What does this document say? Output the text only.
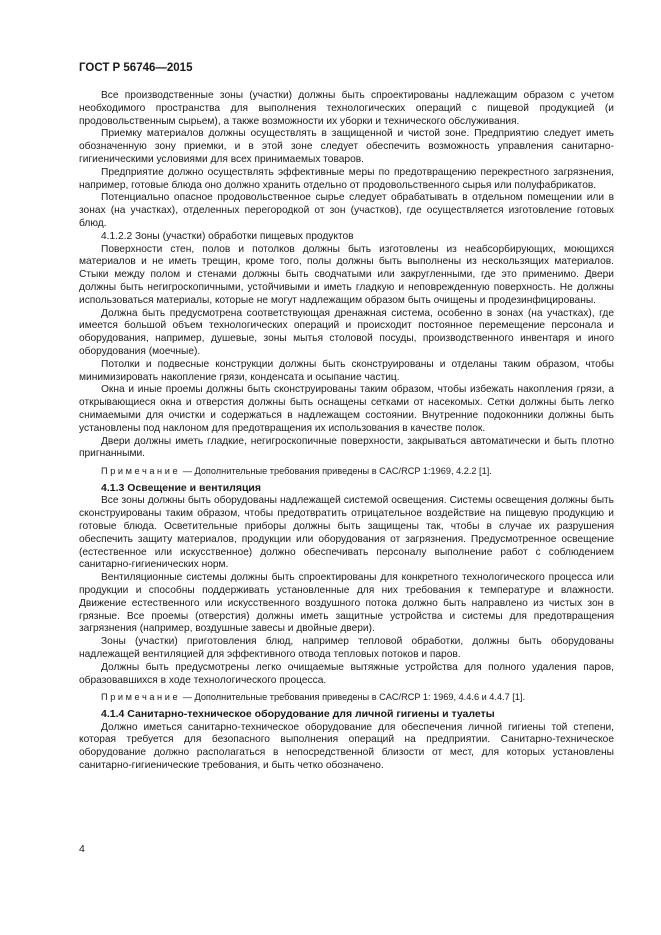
ГОСТ Р 56746—2015

Все производственные зоны (участки) должны быть спроектированы надлежащим образом с учетом необходимого пространства для выполнения технологических операций с пищевой продукцией (и продовольственным сырьем), а также возможности их уборки и технического обслуживания.

Приемку материалов должны осуществлять в защищенной и чистой зоне. Предприятию следует иметь обозначенную зону приемки, и в этой зоне следует обеспечить возможность управления санитарно-гигиеническими условиями для всех принимаемых товаров.

Предприятие должно осуществлять эффективные меры по предотвращению перекрестного загрязнения, например, готовые блюда оно должно хранить отдельно от продовольственного сырья или полуфабрикатов.

Потенциально опасное продовольственное сырье следует обрабатывать в отдельном помещении или в зонах (на участках), отделенных перегородкой от зон (участков), где осуществляется изготовление готовых блюд.

4.1.2.2 Зоны (участки) обработки пищевых продуктов

Поверхности стен, полов и потолков должны быть изготовлены из неабсорбирующих, моющихся материалов и не иметь трещин, кроме того, полы должны быть выполнены из нескользящих материалов. Стыки между полом и стенами должны быть сводчатыми или закругленными, где это применимо. Двери должны быть негигроскопичными, устойчивыми и иметь гладкую и неповрежденную поверхность. Не должны использоваться материалы, которые не могут надлежащим образом быть очищены и продезинфицированы.

Должна быть предусмотрена соответствующая дренажная система, особенно в зонах (на участках), где имеется большой объем технологических операций и происходит постоянное перемещение персонала и оборудования, например, душевые, зоны мытья столовой посуды, производственного инвентаря и иного оборудования (моечные).

Потолки и подвесные конструкции должны быть сконструированы и отделаны таким образом, чтобы минимизировать накопление грязи, конденсата и осыпание частиц.

Окна и иные проемы должны быть сконструированы таким образом, чтобы избежать накопления грязи, а открывающиеся окна и отверстия должны быть оснащены сетками от насекомых. Сетки должны быть легко снимаемыми для очистки и содержаться в надлежащем состоянии. Внутренние подоконники должны быть установлены под наклоном для предотвращения их использования в качестве полок.

Двери должны иметь гладкие, негигроскопичные поверхности, закрываться автоматически и быть плотно пригнанными.

Примечание — Дополнительные требования приведены в CAC/RCP 1:1969, 4.2.2 [1].

4.1.3 Освещение и вентиляция

Все зоны должны быть оборудованы надлежащей системой освещения. Системы освещения должны быть сконструированы таким образом, чтобы предотвратить отрицательное воздействие на пищевую продукцию и готовые блюда. Осветительные приборы должны быть защищены так, чтобы в случае их разрушения обеспечить защиту материалов, продукции или оборудования от загрязнения. Предусмотренное освещение (естественное или искусственное) должно обеспечивать персоналу выполнение работ с соблюдением санитарно-гигиенических норм.

Вентиляционные системы должны быть спроектированы для конкретного технологического процесса или продукции и способны поддерживать установленные для них требования к температуре и влажности. Движение естественного или искусственного воздушного потока должно быть направлено из чистых зон в грязные. Все проемы (отверстия) должны иметь защитные устройства и системы для предотвращения загрязнения (например, воздушные завесы и двойные двери).

Зоны (участки) приготовления блюд, например тепловой обработки, должны быть оборудованы надлежащей вентиляцией для эффективного отвода тепловых потоков и паров.

Должны быть предусмотрены легко очищаемые вытяжные устройства для полного удаления паров, образовавшихся в ходе технологического процесса.

Примечание — Дополнительные требования приведены в CAC/RCP 1: 1969, 4.4.6 и 4.4.7 [1].

4.1.4 Санитарно-техническое оборудование для личной гигиены и туалеты

Должно иметься санитарно-техническое оборудование для обеспечения личной гигиены той степени, которая требуется для безопасного выполнения операций на предприятии. Санитарно-техническое оборудование должно располагаться в непосредственной близости от мест, для которых установлены санитарно-гигиенические требования, и быть четко обозначено.

4
